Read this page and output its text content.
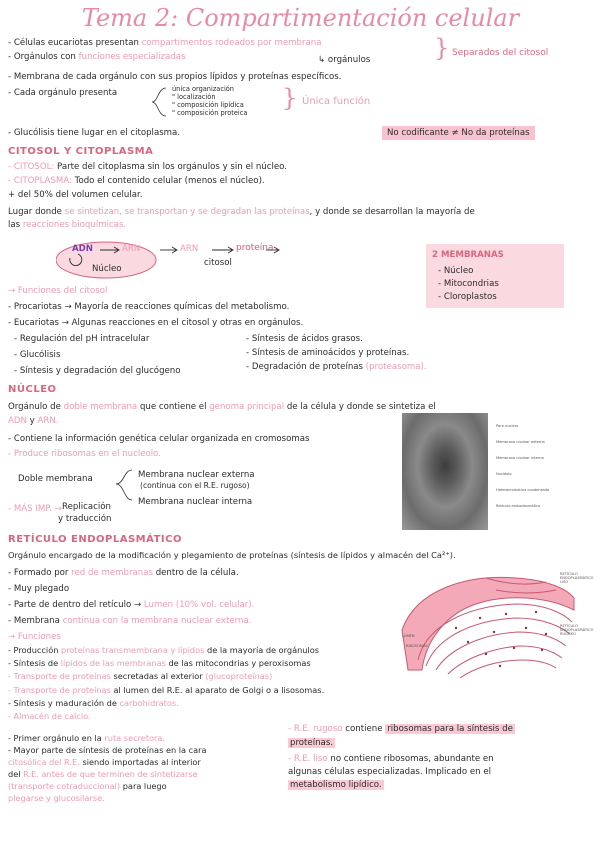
Tema 2: Compartimentación celular
- Células eucariotas presentan compartimentos rodeados por membrana
- Orgánulos con funciones especializadas	↳ orgánulos	} Separados del citosol
- Membrana de cada orgánulo con sus propios lípidos y proteínas específicos.
- Cada orgánulo presenta	única organización
" localización
" composición lipídica
" composición proteica
} Única función
- Glucólisis tiene lugar en el citoplasma.	No codificante ≠ No da proteínas
CITOSOL Y CITOPLASMA
- CITOSOL: Parte del citoplasma sin los orgánulos y sin el núcleo.
- CITOPLASMA: Todo el contenido celular (menos el núcleo).
+ del 50% del volumen celular.
Lugar donde se sintetizan, se transportan y se degradan las proteínas, y donde se desarrollan la mayoría de
las reacciones bioquímicas.
ADN	ARN	ARN	proteína
Núcleo
citosol
2 MEMBRANAS
- Núcleo
- Mitocondrias
- Cloroplastos
→ Funciones del citosol
- Procariotas → Mayoría de reacciones químicas del metabolismo.
- Eucariotas → Algunas reacciones en el citosol y otras en orgánulos.
- Regulación del pH intracelular
- Glucólisis
- Síntesis y degradación del glucógeno
- Síntesis de ácidos grasos.
- Síntesis de aminoácidos y proteínas.
- Degradación de proteínas (proteasoma).
NÚCLEO
Orgánulo de doble membrana que contiene el genoma principal de la célula y donde se sintetiza el
ADN y ARN.
- Contiene la información genética celular organizada en cromosomas
- Produce ribosomas en el nucleolo.
Doble membrana	Membrana nuclear externa
(continua con el R.E. rugoso)
Membrana nuclear interna
- MÁS IMP. → Replicación
y traducción
Poro nuclear
Membrana nuclear externa
Membrana nuclear interna
Nucléolo
Heterocromatina condensada
Retículo endoplasmático
RETÍCULO ENDOPLASMÁTICO
Orgánulo encargado de la modificación y plegamiento de proteínas (síntesis de lípidos y almacén del Ca²⁺).
- Formado por red de membranas dentro de la célula.
- Muy plegado
- Parte de dentro del retículo → Lumen (10% vol. celular).
- Membrana continua con la membrana nuclear externa.
→ Funciones
- Producción proteínas transmembrana y lípidos de la mayoría de orgánulos
- Síntesis de lípidos de las membranas de las mitocondrias y peroxisomas
- Transporte de proteínas secretadas al exterior (glucoproteínas)
- Transporte de proteínas al lumen del R.E. al aparato de Golgi o a lisosomas.
- Síntesis y maduración de carbohidratos.
- Almacén de calcio.
RETÍCULO ENDOPLASMÁTICO LISO
RETÍCULO ENDOPLASMÁTICO RUGOSO
LUMEN
RIBOSOMAS
- Primer orgánulo en la ruta secretora.
- Mayor parte de síntesis de proteínas en la cara
citosólica del R.E. siendo importadas al interior
del R.E. antes de que terminen de sintetizarse
(transporte cotraduccional) para luego
plegarse y glucosilarse.
- R.E. rugoso contiene ribosomas para la síntesis de
proteínas.
- R.E. liso no contiene ribosomas, abundante en
algunas células especializadas. Implicado en el
metabolismo lipídico.
